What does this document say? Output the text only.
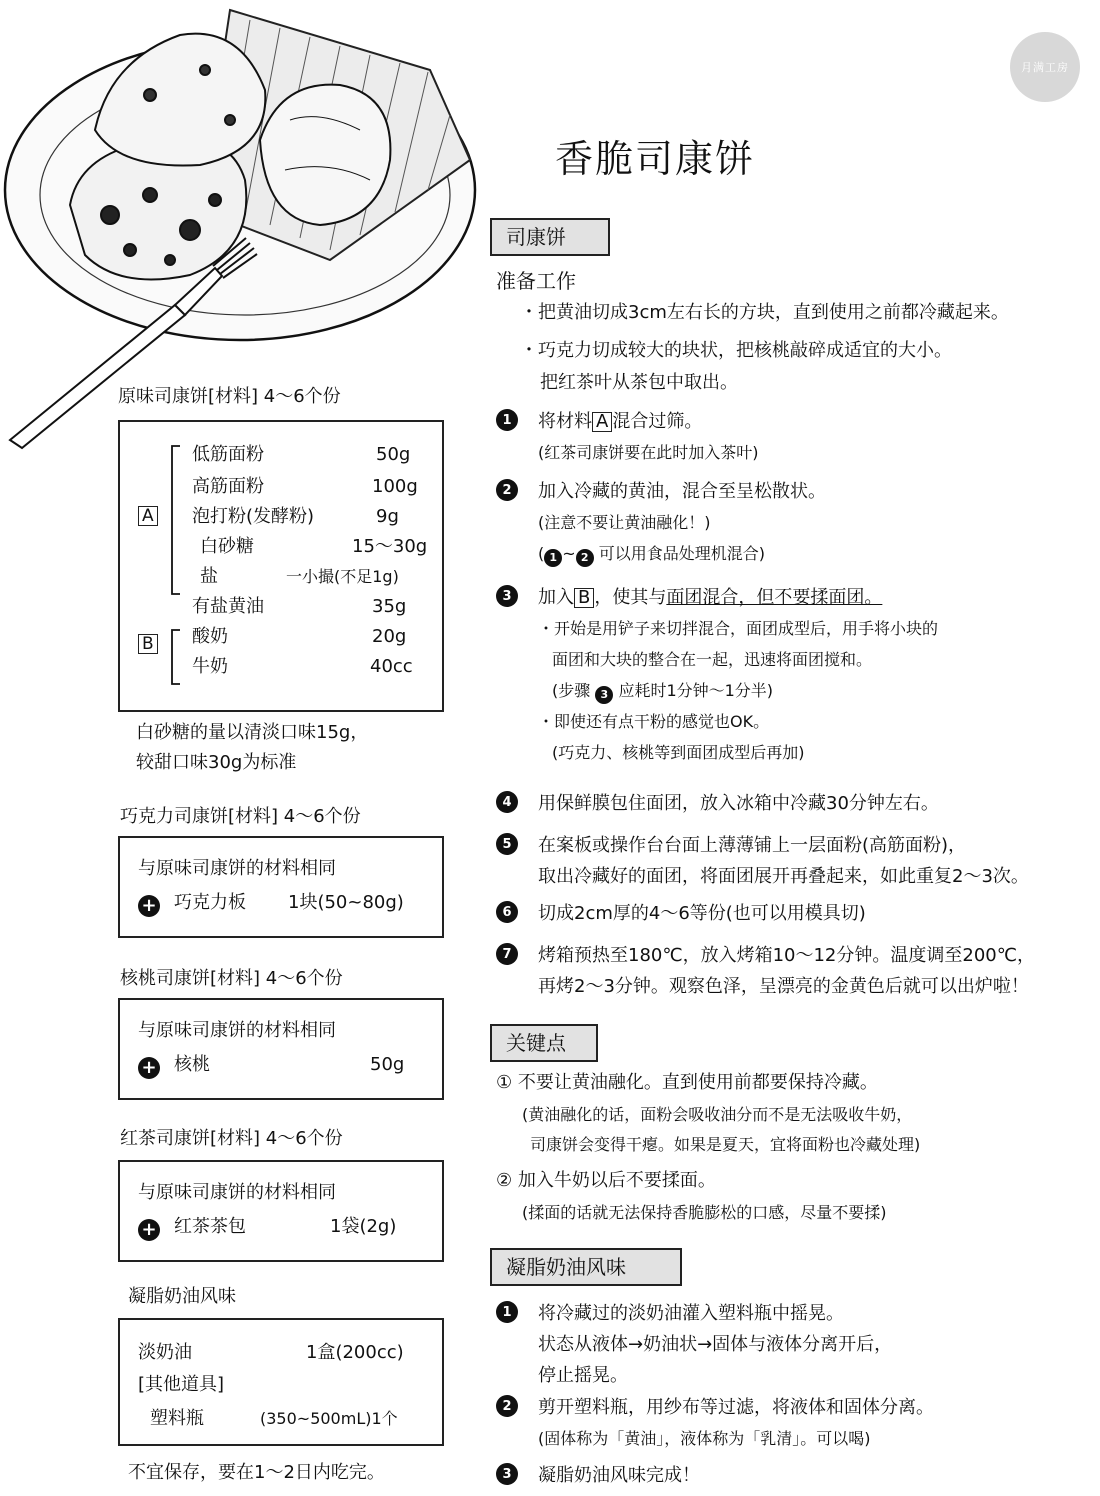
月满工房
香脆司康饼
司康饼
准备工作
・把黄油切成3cm左右长的方块，直到使用之前都冷藏起来。
・巧克力切成较大的块状，把核桃敲碎成适宜的大小。
把红茶叶从茶包中取出。
1	将材料 A 混合过筛。
(红茶司康饼要在此时加入茶叶)
2	加入冷藏的黄油，混合至呈松散状。
(注意不要让黄油融化！)
( 1 ~ 2 可以用食品处理机混合)
3	加入 B ，使其与面团混合，但不要揉面团。
・开始是用铲子来切拌混合，面团成型后，用手将小块的
面团和大块的整合在一起，迅速将面团搅和。
(步骤 3 应耗时1分钟～1分半)
・即使还有点干粉的感觉也OK。
(巧克力、核桃等到面团成型后再加)
4	用保鲜膜包住面团，放入冰箱中冷藏30分钟左右。
5	在案板或操作台台面上薄薄铺上一层面粉(高筋面粉)，
取出冷藏好的面团，将面团展开再叠起来，如此重复2～3次。
6	切成2cm厚的4～6等份(也可以用模具切)
7	烤箱预热至180℃，放入烤箱10～12分钟。温度调至200℃，
再烤2～3分钟。观察色泽，呈漂亮的金黄色后就可以出炉啦！
关键点
① 不要让黄油融化。直到使用前都要保持冷藏。
(黄油融化的话，面粉会吸收油分而不是无法吸收牛奶，
司康饼会变得干瘪。如果是夏天，宜将面粉也冷藏处理)
② 加入牛奶以后不要揉面。
(揉面的话就无法保持香脆膨松的口感，尽量不要揉)
凝脂奶油风味
1	将冷藏过的淡奶油灌入塑料瓶中摇晃。
状态从液体→奶油状→固体与液体分离开后，
停止摇晃。
2	剪开塑料瓶，用纱布等过滤，将液体和固体分离。
(固体称为「黄油」，液体称为「乳清」。可以喝)
3	凝脂奶油风味完成！
原味司康饼[材料] 4～6个份
A
B
低筋面粉	50g
高筋面粉	100g
泡打粉(发酵粉)	9g
白砂糖	15～30g
盐	一小撮(不足1g)
有盐黄油	35g
酸奶	20g
牛奶	40cc
白砂糖的量以清淡口味15g，
较甜口味30g为标准
巧克力司康饼[材料] 4～6个份
与原味司康饼的材料相同
+ 巧克力板 1块(50~80g)
核桃司康饼[材料] 4～6个份
与原味司康饼的材料相同
+ 核桃	50g
红茶司康饼[材料] 4～6个份
与原味司康饼的材料相同
+ 红茶茶包	1袋(2g)
凝脂奶油风味
淡奶油	1盒(200cc)
[其他道具]
塑料瓶	(350~500mL)1个
不宜保存，要在1～2日内吃完。
